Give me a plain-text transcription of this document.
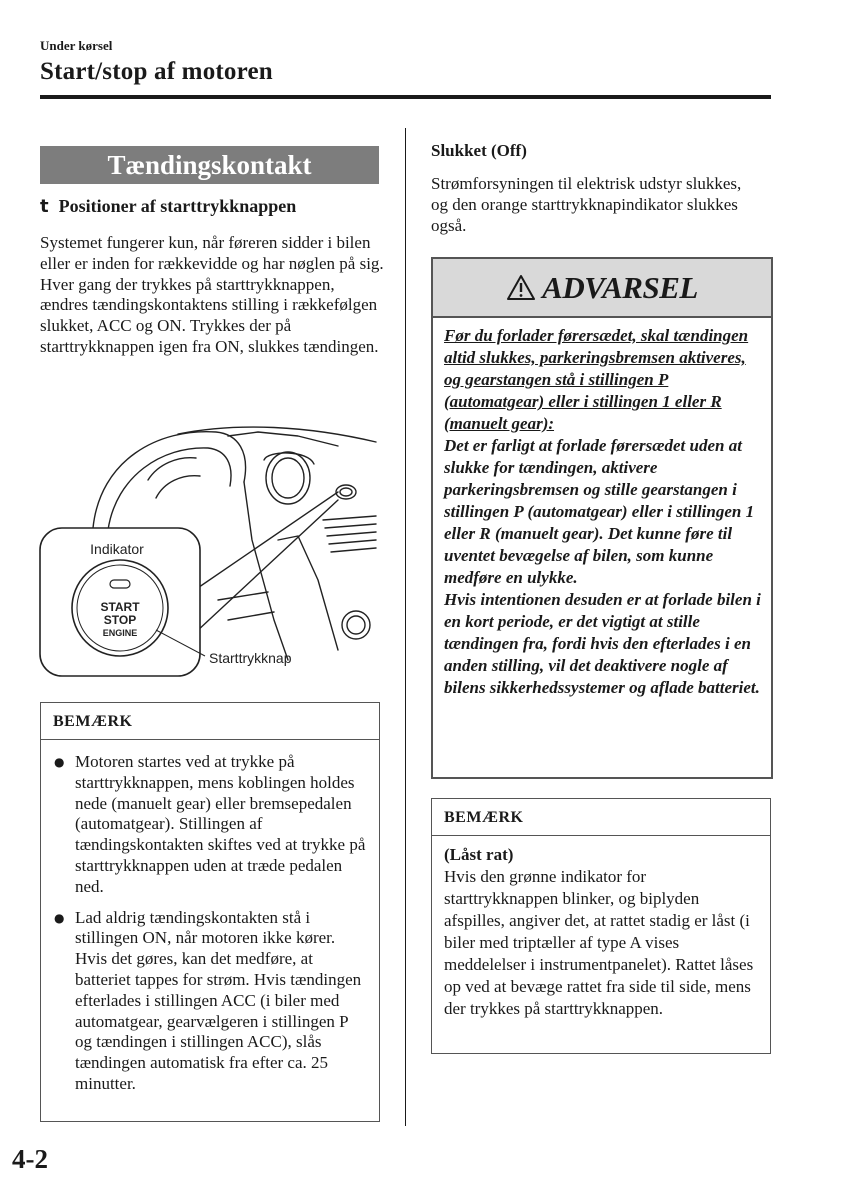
Under kørsel
Start/stop af motoren
Tændingskontakt
t Positioner af starttrykknappen

Systemet fungerer kun, når føreren sidder i bilen eller er inden for rækkevidde og har nøglen på sig.

Hver gang der trykkes på starttrykknappen, ændres tændingskontaktens stilling i rækkefølgen slukket, ACC og ON. Trykkes der på starttrykknappen igen fra ON, slukkes tændingen.

Indikator
START
STOP
ENGINE
Starttrykknap
BEMÆRK
● Motoren startes ved at trykke på starttrykknappen, mens koblingen holdes nede (manuelt gear) eller bremsepedalen (automatgear). Stillingen af tændingskontakten skiftes ved at trykke på starttrykknappen uden at træde pedalen ned.
● Lad aldrig tændingskontakten stå i stillingen ON, når motoren ikke kører. Hvis det gøres, kan det medføre, at batteriet tappes for strøm. Hvis tændingen efterlades i stillingen ACC (i biler med automatgear, gearvælgeren i stillingen P og tændingen i stillingen ACC), slås tændingen automatisk fra efter ca. 25 minutter.
Slukket (Off)
Strømforsyningen til elektrisk udstyr slukkes, og den orange starttrykknapindikator slukkes også.
ADVARSEL
Før du forlader førersædet, skal tændingen altid slukkes, parkeringsbremsen aktiveres, og gearstangen stå i stillingen P (automatgear) eller i stillingen 1 eller R (manuelt gear):
Det er farligt at forlade førersædet uden at slukke for tændingen, aktivere parkeringsbremsen og stille gearstangen i stillingen P (automatgear) eller i stillingen 1 eller R (manuelt gear). Det kunne føre til uventet bevægelse af bilen, som kunne medføre en ulykke.
Hvis intentionen desuden er at forlade bilen i en kort periode, er det vigtigt at stille tændingen fra, fordi hvis den efterlades i en anden stilling, vil det deaktivere nogle af bilens sikkerhedssystemer og aflade batteriet.
BEMÆRK
(Låst rat)
Hvis den grønne indikator for starttrykknappen blinker, og biplyden afspilles, angiver det, at rattet stadig er låst (i biler med triptæller af type A vises meddelelser i instrumentpanelet). Rattet låses op ved at bevæge rattet fra side til side, mens der trykkes på starttrykknappen.
4-2
